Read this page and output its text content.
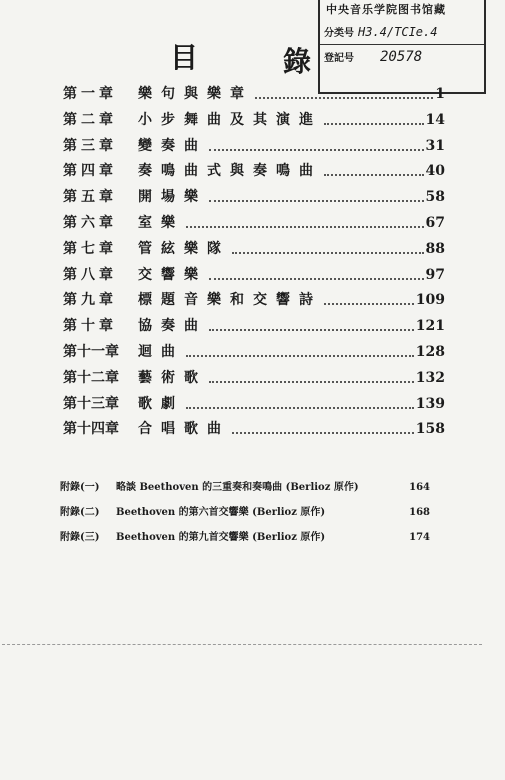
中央音乐学院图书馆藏
分类号 H3.4/TCIe.4
登記号 20578
目	錄
第一章 樂句與樂章	1
第二章 小步舞曲及其演進	14
第三章 變奏曲	31
第四章 奏鳴曲式與奏鳴曲	40
第五章 開場樂	58
第六章 室樂	67
第七章 管絃樂隊	88
第八章 交響樂	97
第九章 標題音樂和交響詩	109
第十章 協奏曲	121
第十一章 迴曲	128
第十二章 藝術歌	132
第十三章 歌劇	139
第十四章 合唱歌曲	158
附錄(一) 略談 Beethoven 的三重奏和奏鳴曲 (Berlioz 原作)	164
附錄(二) Beethoven 的第六首交響樂 (Berlioz 原作)	168
附錄(三) Beethoven 的第九首交響樂 (Berlioz 原作)	174
